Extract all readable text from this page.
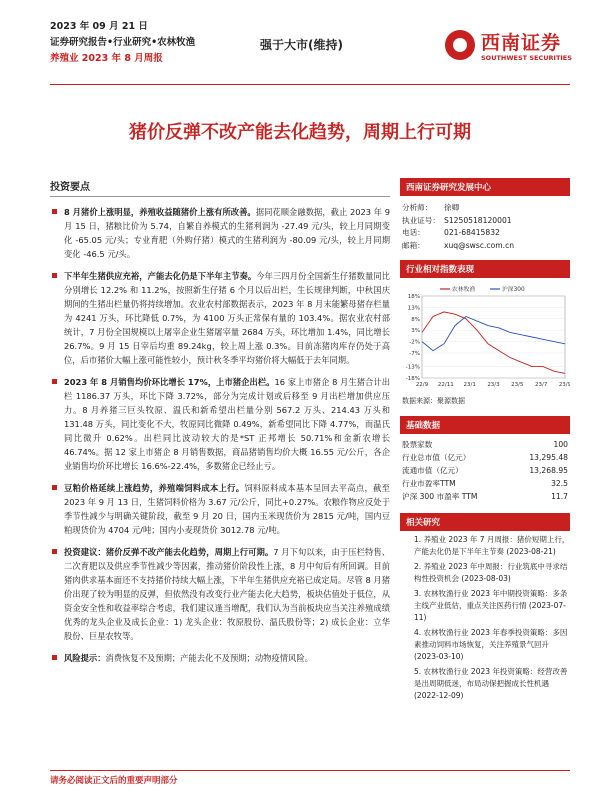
2023 年 09 月 21 日
证券研究报告•行业研究•农林牧渔
养殖业 2023 年 8 月周报
强于大市(维持)	西南证券
SOUTHWEST SECURITIES
猪价反弹不改产能去化趋势，周期上行可期
投资要点
8 月猪价上涨明显，养殖收益随猪价上涨有所改善。据同花顺金融数据，截止 2023 年 9 月 15 日，猪粮比价为 5.74，自繁自养模式的生猪利润为 -27.49 元/头，较上月同期变化 -65.05 元/头；专业育肥（外购仔猪）模式的生猪利润为 -80.09 元/头，较上月同期变化 -46.5 元/头。
下半年生猪供应充裕，产能去化仍是下半年主节奏。今年三四月份全国新生仔猪数量同比分别增长 12.2% 和 11.2%，按照新生仔猪 6 个月以后出栏，生长规律判断，中秋国庆期间的生猪出栏量仍将持续增加。农业农村部数据表示，2023 年 8 月末能繁母猪存栏量为 4241 万头，环比降低 0.7%，为 4100 万头正常保有量的 103.4%。据农业农村部统计，7 月份全国规模以上屠宰企业生猪屠宰量 2684 万头，环比增加 1.4%，同比增长 26.7%。9 月 15 日宰后均重 89.24kg，较上周上涨 0.3%。目前冻猪肉库存仍处于高位，后市猪价大幅上涨可能性较小，预计秋冬季平均猪价将大幅低于去年同期。
2023 年 8 月销售均价环比增长 17%，上市猪企出栏。16 家上市猪企 8 月生猪合计出栏 1186.37 万头，环比下降 3.72%，部分为完成计划或后移至 9 月出栏增加供应压力。8 月养猪三巨头牧原、温氏和新希望出栏量分别 567.2 万头、214.43 万头和 131.48 万头，同比变化不大，牧原同比微降 0.49%，新希望同比下降 4.77%，而温氏同比微升 0.62%。出栏同比波动较大的是*ST 正邦增长 50.71%和金新农增长 46.74%。据 12 家上市猪企 8 月销售数据，商品猪销售均价大概 16.55 元/公斤，各企业销售均价环比增长 16.6%-22.4%，多数猪企已经止亏。
豆粕价格延续上涨趋势，养殖端饲料成本上行。饲料原料成本基本呈回去平高点，截至 2023 年 9 月 13 日，生猪饲料价格为 3.67 元/公斤，同比+0.27%。农粮作物应反处于季节性减少与明确关键阶段，截至 9 月 20 日，国内玉米现货价为 2815 元/吨，国内豆粕现货价为 4704 元/吨；国内小麦现货价 3012.78 元/吨。
投资建议：猪价反弹不改产能去化趋势，周期上行可期。7 月下旬以来，由于压栏特售、二次育肥以及供应季节性减少等因素，推动猪价阶段性上涨，8 月中旬后有所回调。目前猪肉供求基本面还不支持猪价持续大幅上涨，下半年生猪供应充裕已成定局。尽管 8 月猪价出现了较为明显的反弹，但依然没有改变行业产能去化大趋势，板块估值处于低位，从资金安全性和收益率综合考虑，我们建议逢当增配，我们认为当前板块应当关注养殖成绩优秀的龙头企业及成长企业：1) 龙头企业：牧原股份、温氏股份等；2) 成长企业：立华股份、巨星农牧等。
风险提示：消费恢复不及预期；产能去化不及预期；动物疫情风险。
西南证券研究发展中心
分析师： 徐卿
执业证号： S1250518120001
电话：	021-68415832
邮箱：	xuq@swsc.com.cn
行业相对指数表现
18%
13%
8%
3%
-2%
-7%
-13%
-18%
22/9 22/11 23/1 23/3 23/5 23/7 23/9
农林牧渔	沪深300
数据来源：聚源数据
基础数据
股票家数	100
行业总市值（亿元）	13,295.48
流通市值（亿元）	13,268.95
行业市盈率TTM	32.5
沪深 300 市盈率 TTM	11.7
相关研究
1. 养殖业 2023 年 7 月周报：猪价短期上行，产能去化仍是下半年主节奏 (2023-08-21)
2. 养殖业 2023 年中周报：行业筑底中寻求结构性投资机会 (2023-08-03)
3. 农林牧渔行业 2023 年中期投资策略：多条主线产业低估，重点关注医药行情 (2023-07-11)
4. 农林牧渔行业 2023 年春季投资策略：多因素推动饲料市场恢复，关注养殖景气回升 (2023-03-10)
5. 农林牧渔行业 2023 年投资策略：经营改善是出周期低迷，布局动保把握成长性机遇 (2022-12-09)
请务必阅读正文后的重要声明部分
